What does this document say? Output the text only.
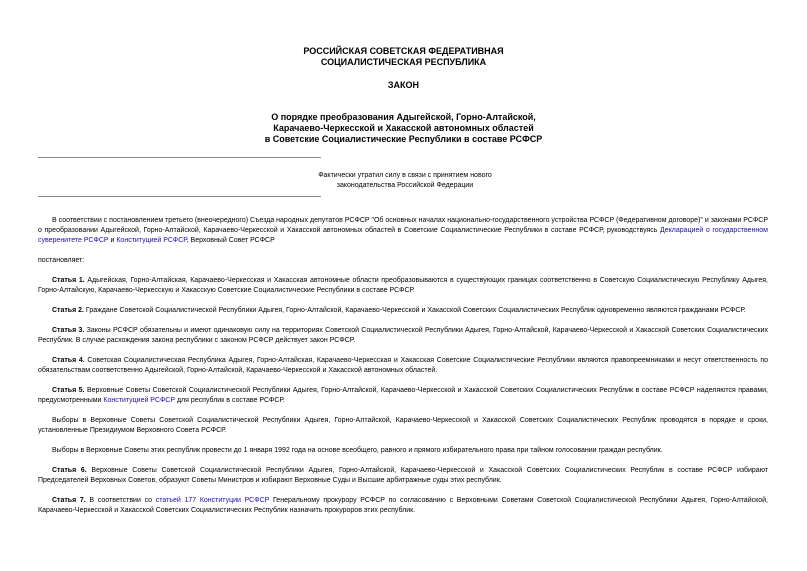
РОССИЙСКАЯ СОВЕТСКАЯ ФЕДЕРАТИВНАЯ
СОЦИАЛИСТИЧЕСКАЯ РЕСПУБЛИКА
ЗАКОН
О порядке преобразования Адыгейской, Горно-Алтайской,
Карачаево-Черкесской и Хакасской автономных областей
в Советские Социалистические Республики в составе РСФСР
Фактически утратил силу в связи с принятием нового
законодательства Российской Федерации

В соответствии с постановлением третьего (внеочередного) Съезда народных депутатов РСФСР "Об основных началах национально-государственного устройства РСФСР (Федеративном договоре)" и законами РСФСР о преобразовании Адыгейской, Горно-Алтайской, Карачаево-Черкесской и Хакасской автономных областей в Советские Социалистические Республики в составе РСФСР, руководствуясь Декларацией о государственном суверенитете РСФСР и Конституцией РСФСР, Верховный Совет РСФСР

постановляет:

Статья 1. Адыгейская, Горно-Алтайская, Карачаево-Черкесская и Хакасская автономные области преобразовываются в существующих границах соответственно в Советскую Социалистическую Республику Адыгея, Горно-Алтайскую, Карачаево-Черкесскую и Хакасскую Советские Социалистические Республики в составе РСФСР.

Статья 2. Граждане Советской Социалистической Республики Адыгея, Горно-Алтайской, Карачаево-Черкесской и Хакасской Советских Социалистических Республик одновременно являются гражданами РСФСР.

Статья 3. Законы РСФСР обязательны и имеют одинаковую силу на территориях Советской Социалистической Республики Адыгея, Горно-Алтайской, Карачаево-Черкесской и Хакасской Советских Социалистических Республик. В случае расхождения закона республики с законом РСФСР действует закон РСФСР.

Статья 4. Советская Социалистическая Республика Адыгея, Горно-Алтайская, Карачаево-Черкесская и Хакасская Советские Социалистические Республики являются правопреемниками и несут ответственность по обязательствам соответственно Адыгейской, Горно-Алтайской, Карачаево-Черкесской и Хакасской автономных областей.

Статья 5. Верховные Советы Советской Социалистической Республики Адыгея, Горно-Алтайской, Карачаево-Черкесской и Хакасской Советских Социалистических Республик в составе РСФСР наделяются правами, предусмотренными Конституцией РСФСР для республик в составе РСФСР.

Выборы в Верховные Советы Советской Социалистической Республики Адыгея, Горно-Алтайской, Карачаево-Черкесской и Хакасской Советских Социалистических Республик проводятся в порядке и сроки, установленные Президиумом Верховного Совета РСФСР.

Выборы в Верховные Советы этих республик провести до 1 января 1992 года на основе всеобщего, равного и прямого избирательного права при тайном голосовании граждан республик.

Статья 6. Верховные Советы Советской Социалистической Республики Адыгея, Горно-Алтайской, Карачаево-Черкесской и Хакасской Советских Социалистических Республик в составе РСФСР избирают Председателей Верховных Советов, образуют Советы Министров и избирают Верховные Суды и Высшие арбитражные суды этих республик.

Статья 7. В соответствии со статьей 177 Конституции РСФСР Генеральному прокурору РСФСР по согласованию с Верховными Советами Советской Социалистической Республики Адыгея, Горно-Алтайской, Карачаево-Черкесской и Хакасской Советских Социалистических Республик назначить прокуроров этих республик.
